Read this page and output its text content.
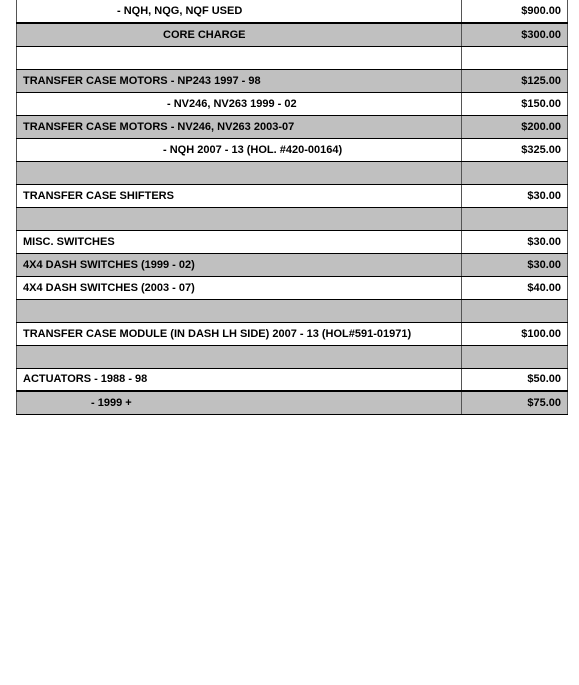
- NQH, NQG, NQF USED	$900.00
CORE CHARGE	$300.00

TRANSFER CASE MOTORS - NP243 1997 - 98	$125.00
- NV246, NV263 1999 - 02	$150.00
TRANSFER CASE MOTORS - NV246, NV263 2003-07	$200.00
- NQH 2007 - 13 (HOL. #420-00164)	$325.00

TRANSFER CASE SHIFTERS	$30.00

MISC. SWITCHES	$30.00
4X4 DASH SWITCHES (1999 - 02)	$30.00
4X4 DASH SWITCHES (2003 - 07)	$40.00

TRANSFER CASE MODULE (IN DASH LH SIDE) 2007 - 13 (HOL#591-01971)	$100.00

ACTUATORS - 1988 - 98	$50.00
- 1999 +	$75.00
